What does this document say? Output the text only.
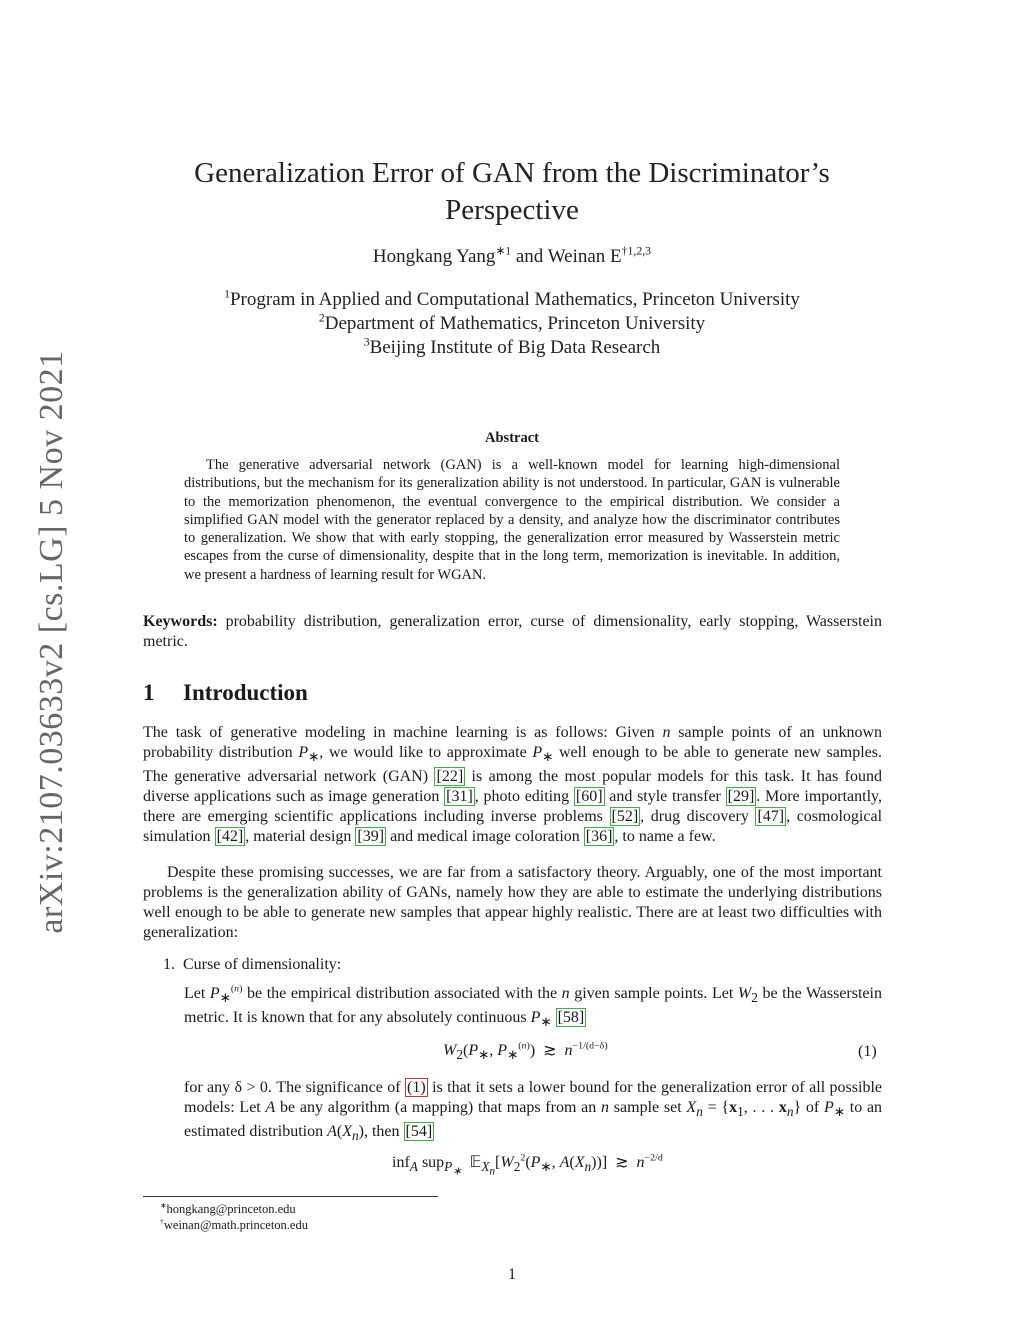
arXiv:2107.03633v2 [cs.LG] 5 Nov 2021
Generalization Error of GAN from the Discriminator’s Perspective
Hongkang Yang$^{∗1}$ and Weinan E$^{\dagger 1,2,3}$
$^1$Program in Applied and Computational Mathematics, Princeton University
$^2$Department of Mathematics, Princeton University
$^3$Beijing Institute of Big Data Research
Abstract
The generative adversarial network (GAN) is a well-known model for learning high-dimensional distributions, but the mechanism for its generalization ability is not understood. In particular, GAN is vulnerable to the memorization phenomenon, the eventual convergence to the empirical distribution. We consider a simplified GAN model with the generator replaced by a density, and analyze how the discriminator contributes to generalization. We show that with early stopping, the generalization error measured by Wasserstein metric escapes from the curse of dimensionality, despite that in the long term, memorization is inevitable. In addition, we present a hardness of learning result for WGAN.
Keywords: probability distribution, generalization error, curse of dimensionality, early stopping, Wasserstein metric.
1 Introduction
The task of generative modeling in machine learning is as follows: Given n sample points of an unknown probability distribution $P_∗$, we would like to approximate $P_∗$ well enough to be able to generate new samples. The generative adversarial network (GAN) [22] is among the most popular models for this task. It has found diverse applications such as image generation [31] , photo editing [60] and style transfer [29] . More importantly, there are emerging scientific applications including inverse problems [52] , drug discovery [47] , cosmological simulation [42] , material design [39] and medical image coloration [36] , to name a few.
Despite these promising successes, we are far from a satisfactory theory. Arguably, one of the most important problems is the generalization ability of GANs, namely how they are able to estimate the underlying distributions well enough to be able to generate new samples that appear highly realistic. There are at least two difficulties with generalization:
1. Curse of dimensionality:
Let $P_∗^{(n)}$ be the empirical distribution associated with the n given sample points. Let $W_2$ be the Wasserstein metric. It is known that for any absolutely continuous $P_∗$ [58]
$W_2(P_∗$, $P_∗^{(n)}$) ≳  $n^{-1/(d-\delta)}$	(1)
for any δ > 0. The significance of (1) is that it sets a lower bound for the generalization error of all possible models: Let A be any algorithm (a mapping) that maps from an n sample set $X_n = \{x_1$, . . . $x_n$} of $P_∗$ to an estimated distribution $A(X_n)$, then [54]
inf$_A$ sup$_{P_∗}$  $𝔼_{X_n}[W_2^2(P_∗$, $A(X_n)$)] ≳  $n^{-2/d}$
∗hongkang@princeton.edu
†weinan@math.princeton.edu
1
